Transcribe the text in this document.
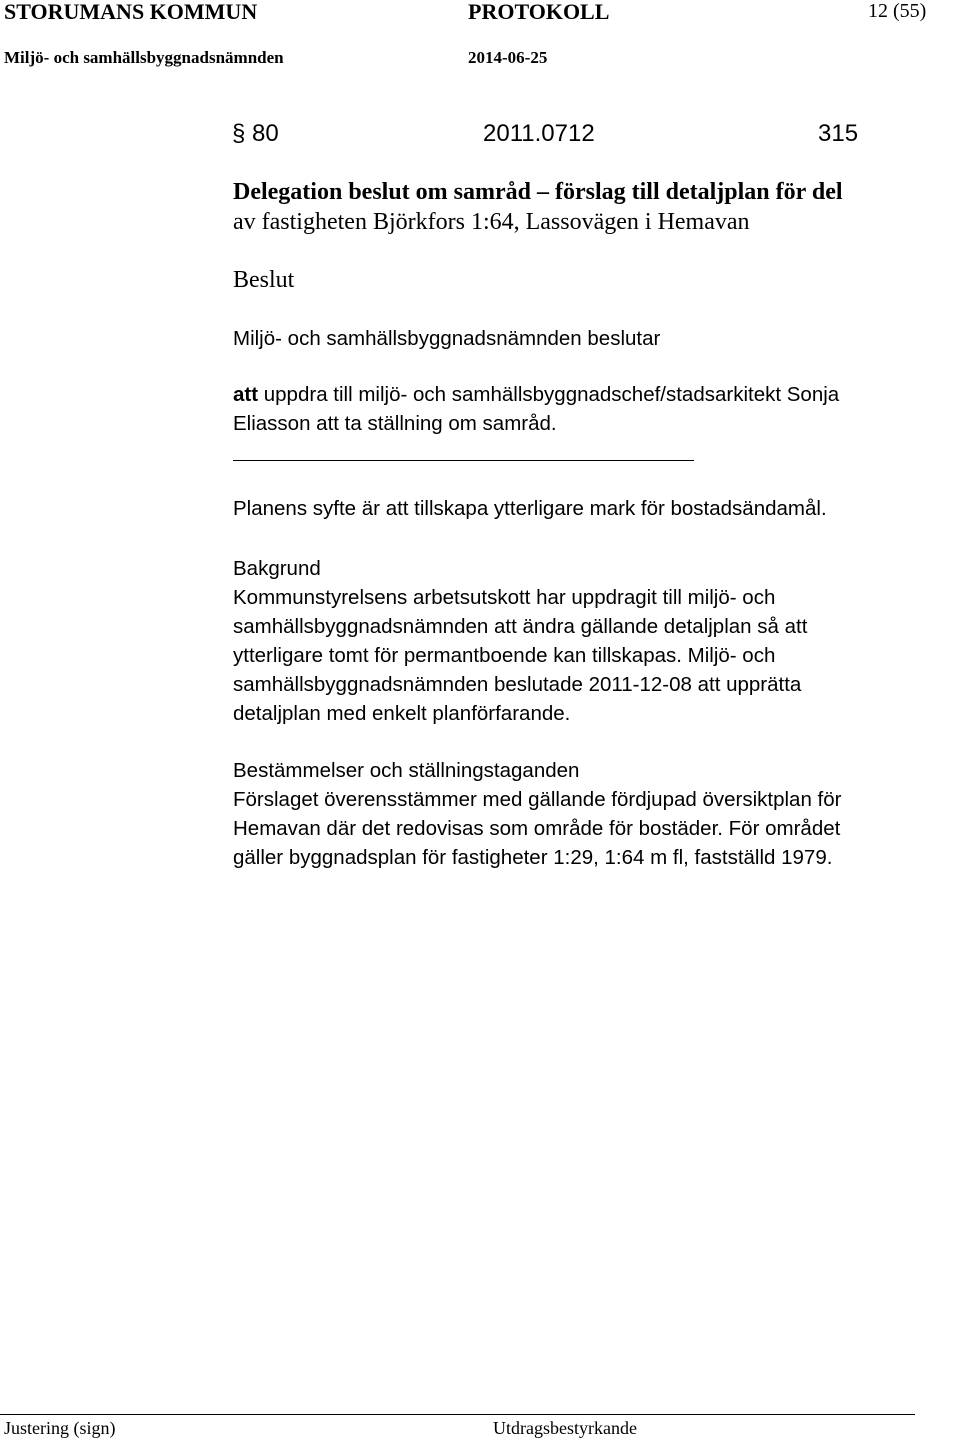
STORUMANS KOMMUN	PROTOKOLL	12 (55)
Miljö- och samhällsbyggnadsnämnden	2014-06-25
§ 80	2011.0712	315
Delegation beslut om samråd – förslag till detaljplan för del
av fastigheten Björkfors 1:64, Lassovägen i Hemavan
Beslut
Miljö- och samhällsbyggnadsnämnden beslutar
att uppdra till miljö- och samhällsbyggnadschef/stadsarkitekt Sonja
Eliasson att ta ställning om samråd.
Planens syfte är att tillskapa ytterligare mark för bostadsändamål.
Bakgrund
Kommunstyrelsens arbetsutskott har uppdragit till miljö- och
samhällsbyggnadsnämnden att ändra gällande detaljplan så att
ytterligare tomt för permantboende kan tillskapas. Miljö- och
samhällsbyggnadsnämnden beslutade 2011-12-08 att upprätta
detaljplan med enkelt planförfarande.
Bestämmelser och ställningstaganden
Förslaget överensstämmer med gällande fördjupad översiktplan för
Hemavan där det redovisas som område för bostäder. För området
gäller byggnadsplan för fastigheter 1:29, 1:64 m fl, fastställd 1979.
Justering (sign)	Utdragsbestyrkande
